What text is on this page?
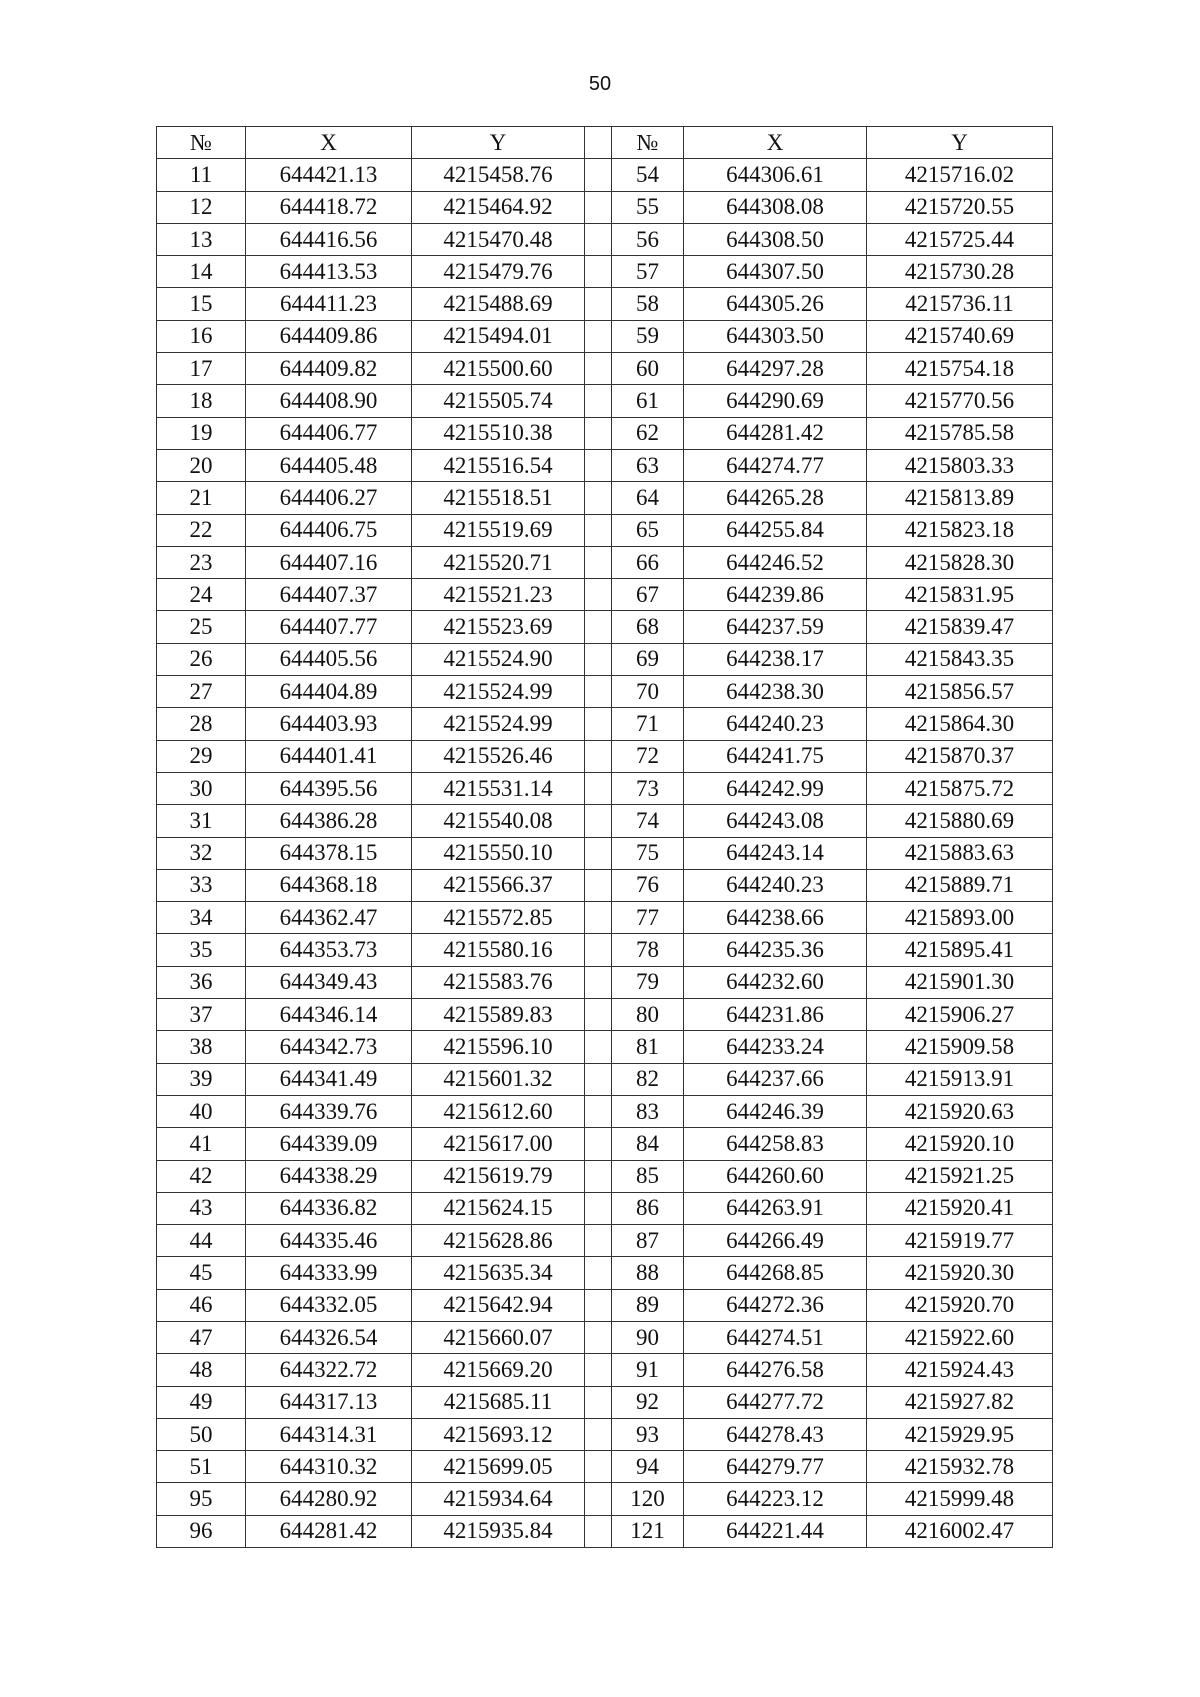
50
№	X	Y		№	X	Y
11	644421.13	4215458.76		54	644306.61	4215716.02
12	644418.72	4215464.92		55	644308.08	4215720.55
13	644416.56	4215470.48		56	644308.50	4215725.44
14	644413.53	4215479.76		57	644307.50	4215730.28
15	644411.23	4215488.69		58	644305.26	4215736.11
16	644409.86	4215494.01		59	644303.50	4215740.69
17	644409.82	4215500.60		60	644297.28	4215754.18
18	644408.90	4215505.74		61	644290.69	4215770.56
19	644406.77	4215510.38		62	644281.42	4215785.58
20	644405.48	4215516.54		63	644274.77	4215803.33
21	644406.27	4215518.51		64	644265.28	4215813.89
22	644406.75	4215519.69		65	644255.84	4215823.18
23	644407.16	4215520.71		66	644246.52	4215828.30
24	644407.37	4215521.23		67	644239.86	4215831.95
25	644407.77	4215523.69		68	644237.59	4215839.47
26	644405.56	4215524.90		69	644238.17	4215843.35
27	644404.89	4215524.99		70	644238.30	4215856.57
28	644403.93	4215524.99		71	644240.23	4215864.30
29	644401.41	4215526.46		72	644241.75	4215870.37
30	644395.56	4215531.14		73	644242.99	4215875.72
31	644386.28	4215540.08		74	644243.08	4215880.69
32	644378.15	4215550.10		75	644243.14	4215883.63
33	644368.18	4215566.37		76	644240.23	4215889.71
34	644362.47	4215572.85		77	644238.66	4215893.00
35	644353.73	4215580.16		78	644235.36	4215895.41
36	644349.43	4215583.76		79	644232.60	4215901.30
37	644346.14	4215589.83		80	644231.86	4215906.27
38	644342.73	4215596.10		81	644233.24	4215909.58
39	644341.49	4215601.32		82	644237.66	4215913.91
40	644339.76	4215612.60		83	644246.39	4215920.63
41	644339.09	4215617.00		84	644258.83	4215920.10
42	644338.29	4215619.79		85	644260.60	4215921.25
43	644336.82	4215624.15		86	644263.91	4215920.41
44	644335.46	4215628.86		87	644266.49	4215919.77
45	644333.99	4215635.34		88	644268.85	4215920.30
46	644332.05	4215642.94		89	644272.36	4215920.70
47	644326.54	4215660.07		90	644274.51	4215922.60
48	644322.72	4215669.20		91	644276.58	4215924.43
49	644317.13	4215685.11		92	644277.72	4215927.82
50	644314.31	4215693.12		93	644278.43	4215929.95
51	644310.32	4215699.05		94	644279.77	4215932.78
95	644280.92	4215934.64		120	644223.12	4215999.48
96	644281.42	4215935.84		121	644221.44	4216002.47
